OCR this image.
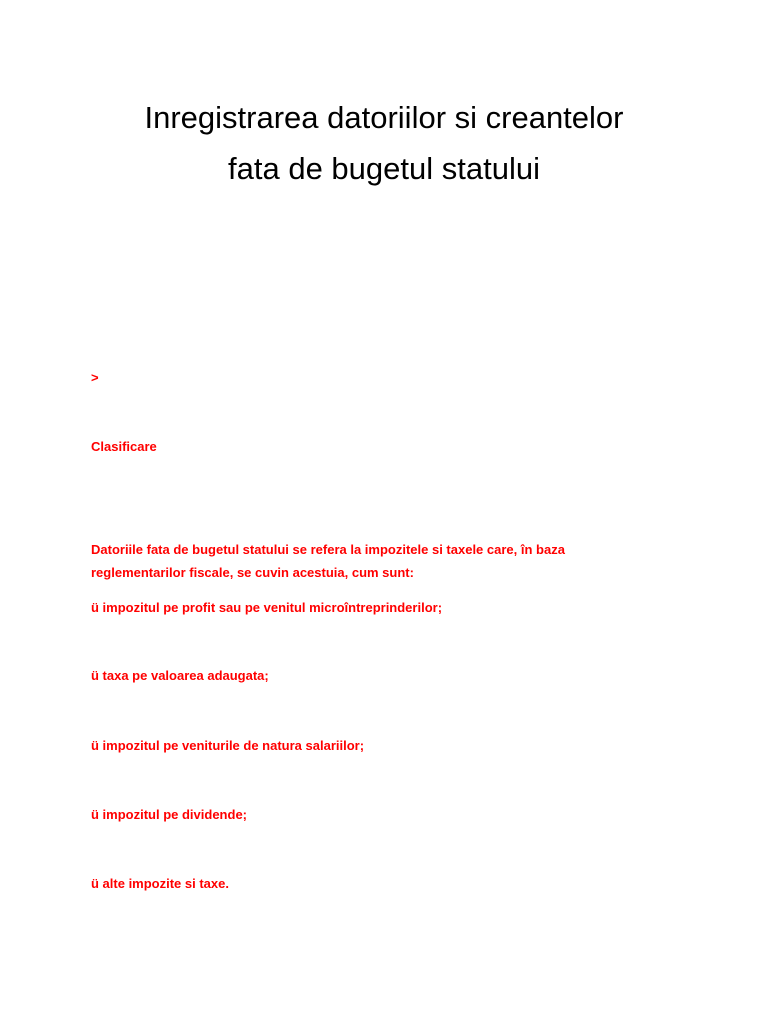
Inregistrarea datoriilor si creantelor
fata de bugetul statului

>

Clasificare

Datoriile fata de bugetul statului se refera la impozitele si taxele care, în baza

reglementarilor fiscale, se cuvin acestuia, cum sunt:

ü impozitul pe profit sau pe venitul microîntreprinderilor;

ü taxa pe valoarea adaugata;

ü impozitul pe veniturile de natura salariilor;

ü impozitul pe dividende;

ü alte impozite si taxe.
